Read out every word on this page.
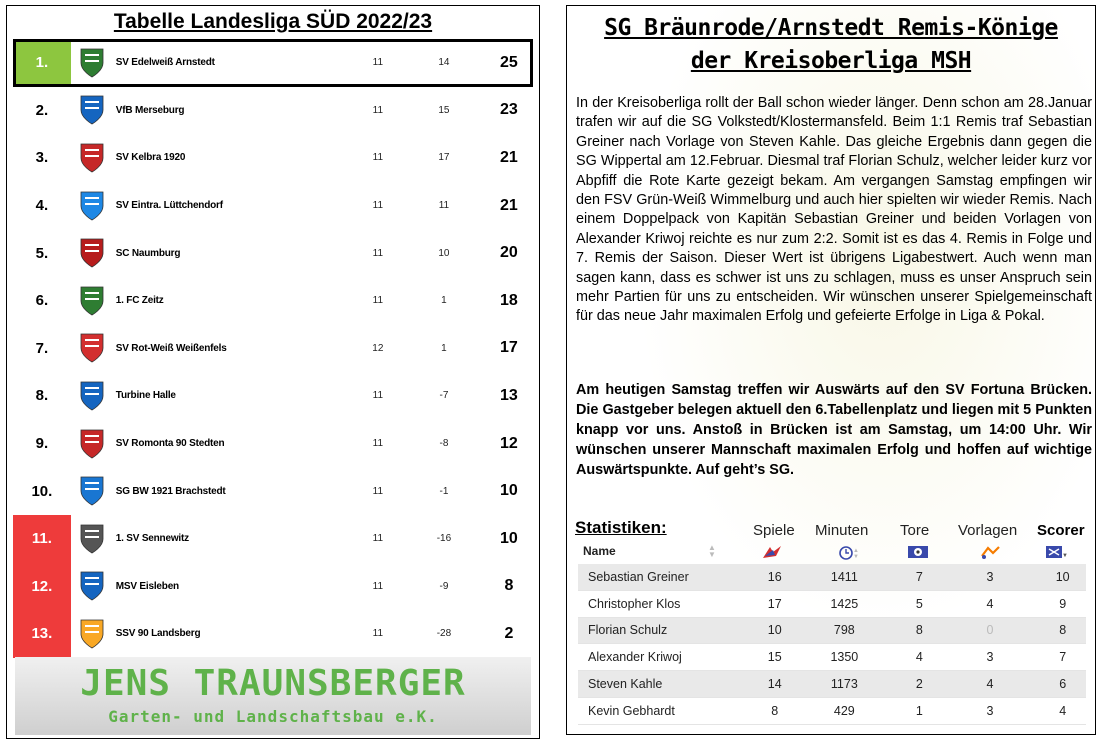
Tabelle Landesliga SÜD 2022/23
1.	SV Edelweiß Arnstedt	11	14	25
2.	VfB Merseburg	11	15	23
3.	SV Kelbra 1920	11	17	21
4.	SV Eintra. Lüttchendorf	11	11	21
5.	SC Naumburg	11	10	20
6.	1. FC Zeitz	11	1	18
7.	SV Rot-Weiß Weißenfels	12	1	17
8.	Turbine Halle	11	-7	13
9.	SV Romonta 90 Stedten	11	-8	12
10.	SG BW 1921 Brachstedt	11	-1	10
11.	1. SV Sennewitz	11	-16	10
12.	MSV Eisleben	11	-9	8
13.	SSV 90 Landsberg	11	-28	2
JENS TRAUNSBERGER
Garten- und Landschaftsbau e.K.
SG Bräunrode/Arnstedt Remis-Könige
der Kreisoberliga MSH
In der Kreisoberliga rollt der Ball schon wieder länger. Denn schon am 28.Januar trafen wir auf die SG Volkstedt/Klostermansfeld. Beim 1:1 Remis traf Sebastian Greiner nach Vorlage von Steven Kahle. Das gleiche Ergebnis dann gegen die SG Wippertal am 12.Februar. Diesmal traf Florian Schulz, welcher leider kurz vor Abpfiff die Rote Karte gezeigt bekam. Am vergangen Samstag empfingen wir den FSV Grün-Weiß Wimmelburg und auch hier spielten wir wieder Remis. Nach einem Doppelpack von Kapitän Sebastian Greiner und beiden Vorlagen von Alexander Kriwoj reichte es nur zum 2:2. Somit ist es das 4. Remis in Folge und 7. Remis der Saison. Dieser Wert ist übrigens Ligabestwert. Auch wenn man sagen kann, dass es schwer ist uns zu schlagen, muss es unser Anspruch sein mehr Partien für uns zu entscheiden. Wir wünschen unserer Spielgemeinschaft für das neue Jahr maximalen Erfolg und gefeierte Erfolge in Liga & Pokal.
Am heutigen Samstag treffen wir Auswärts auf den SV Fortuna Brücken. Die Gastgeber belegen aktuell den 6.Tabellenplatz und liegen mit 5 Punkten knapp vor uns. Anstoß in Brücken ist am Samstag, um 14:00 Uhr. Wir wünschen unserer Mannschaft maximalen Erfolg und hoffen auf wichtige Auswärtspunkte. Auf geht’s SG.
Statistiken:	Spiele Minuten Tore Vorlagen Scorer
Name	▲
▼	▲
▼	▼
Sebastian Greiner	16	1411	7	3	10
Christopher Klos	17	1425	5	4	9
Florian Schulz	10	798	8	0	8
Alexander Kriwoj	15	1350	4	3	7
Steven Kahle	14	1173	2	4	6
Kevin Gebhardt	8	429	1	3	4
